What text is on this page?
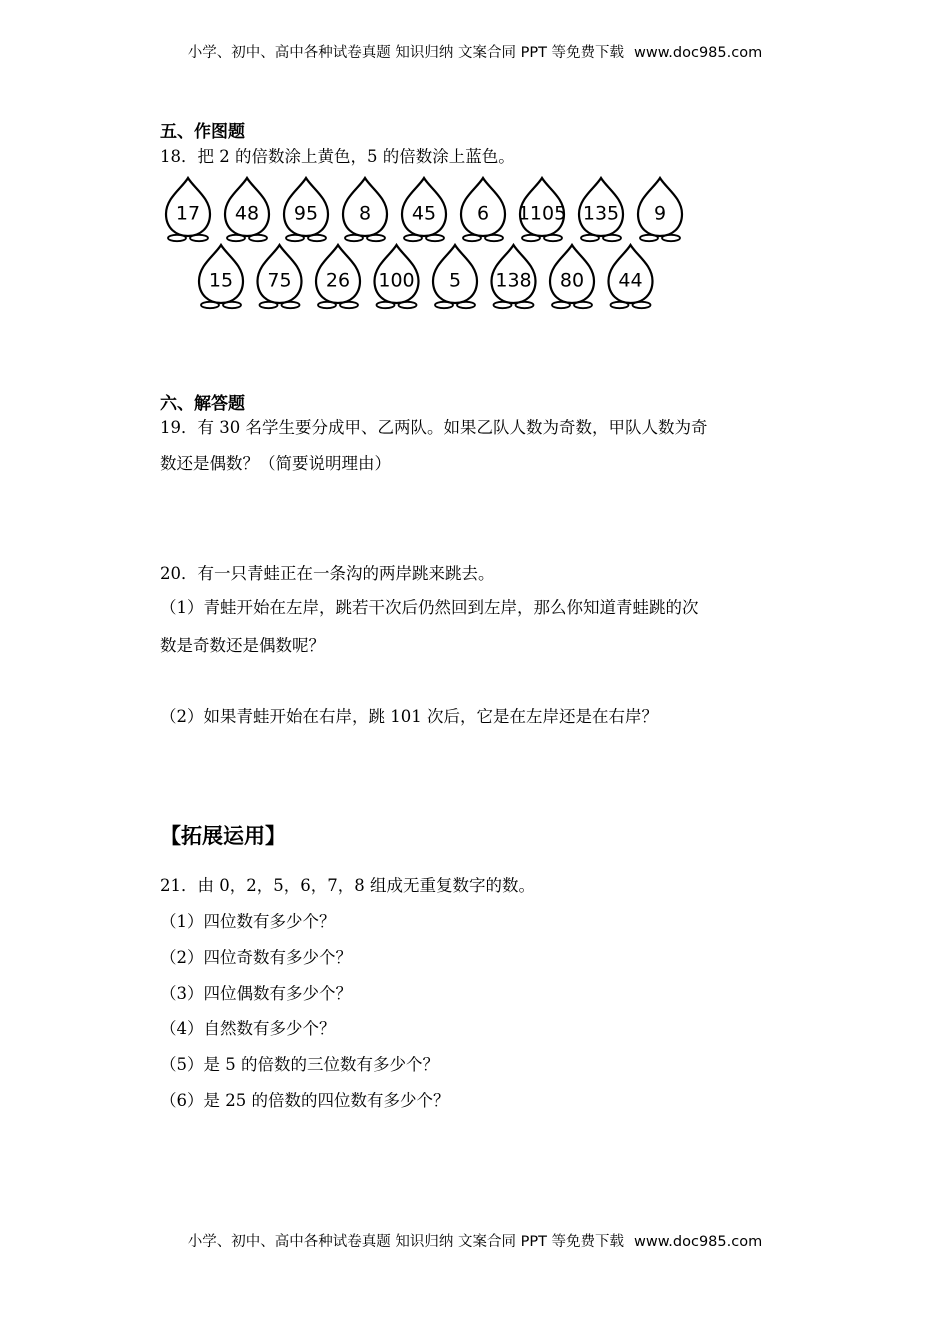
小学、初中、高中各种试卷真题 知识归纳 文案合同 PPT 等免费下载 www.doc985.com
五、作图题
18．把 2 的倍数涂上黄色，5 的倍数涂上蓝色。
17 48 95 8 45 6 1105 135 9
15 75 26 100 5 138 80 44
六、解答题
19．有 30 名学生要分成甲、乙两队。如果乙队人数为奇数，甲队人数为奇
数还是偶数？（简要说明理由）
20．有一只青蛙正在一条沟的两岸跳来跳去。
（1）青蛙开始在左岸，跳若干次后仍然回到左岸，那么你知道青蛙跳的次
数是奇数还是偶数呢？
（2）如果青蛙开始在右岸，跳 101 次后，它是在左岸还是在右岸？
【拓展运用】
21．由 0，2，5，6，7，8 组成无重复数字的数。
（1）四位数有多少个？
（2）四位奇数有多少个？
（3）四位偶数有多少个？
（4）自然数有多少个？
（5）是 5 的倍数的三位数有多少个？
（6）是 25 的倍数的四位数有多少个？
小学、初中、高中各种试卷真题 知识归纳 文案合同 PPT 等免费下载 www.doc985.com
